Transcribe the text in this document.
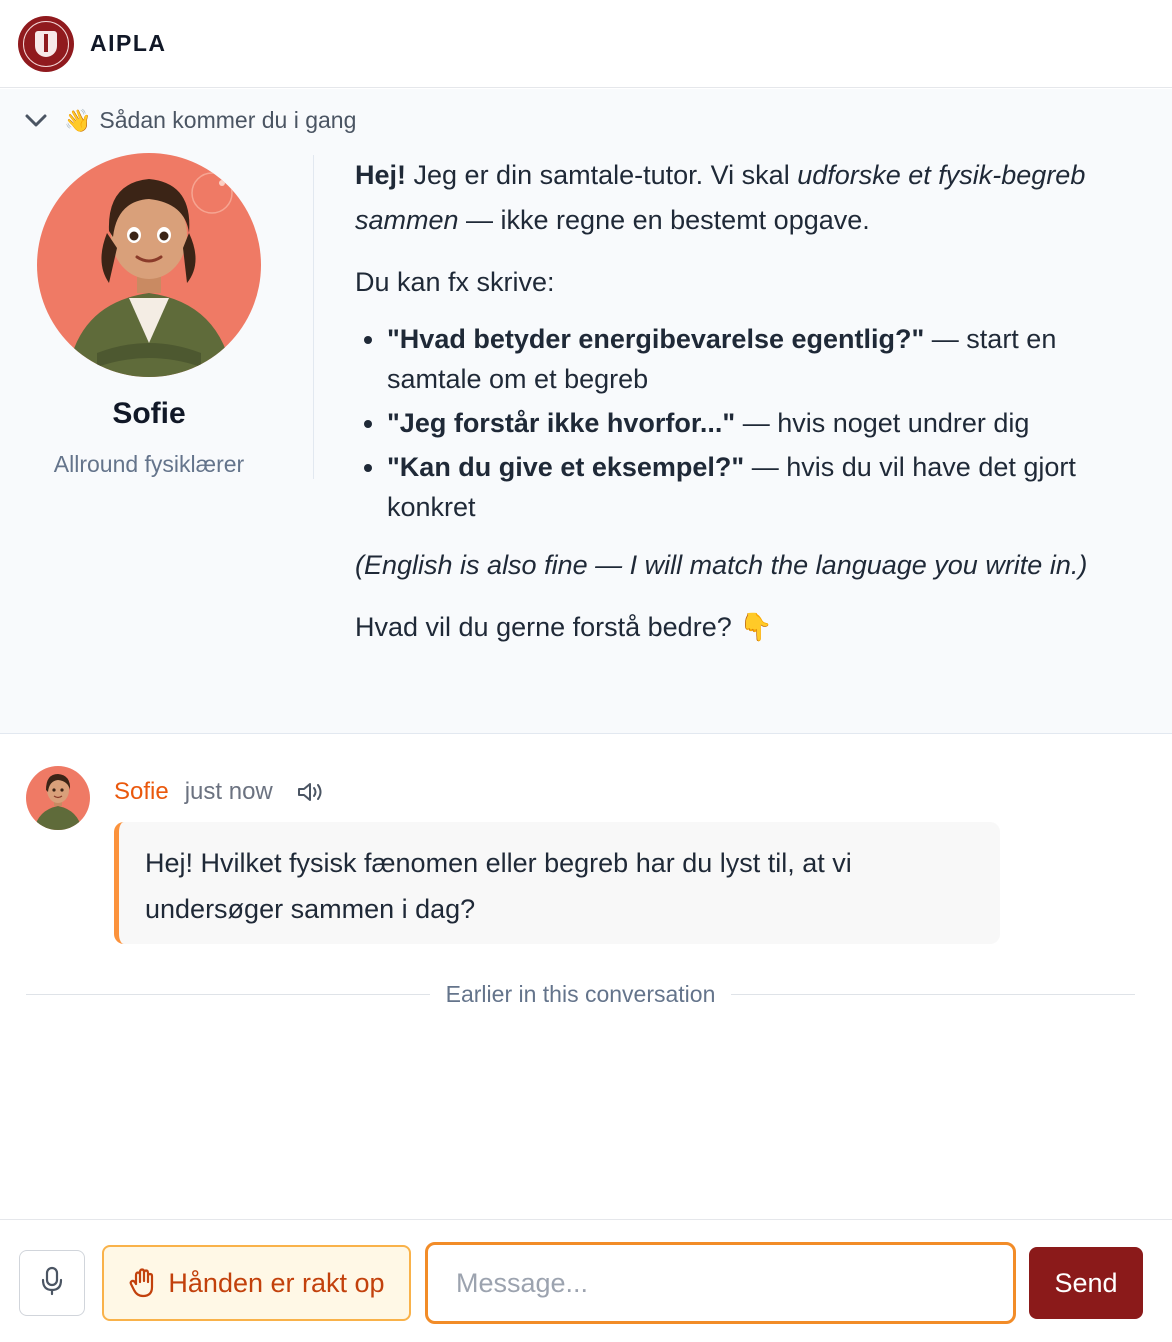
AIPLA
👋 Sådan kommer du i gang
Sofie
Allround fysiklærer

Hej! Jeg er din samtale-tutor. Vi skal udforske et fysik-begreb sammen — ikke regne en bestemt opgave.

Du kan fx skrive:

• "Hvad betyder energibevarelse egentlig?" — start en samtale om et begreb
• "Jeg forstår ikke hvorfor..." — hvis noget undrer dig
• "Kan du give et eksempel?" — hvis du vil have det gjort konkret

(English is also fine — I will match the language you write in.)

Hvad vil du gerne forstå bedre? 👇

Sofie just now
Hej! Hvilket fysisk fænomen eller begreb har du lyst til, at vi undersøger sammen i dag?
Earlier in this conversation
Hånden er rakt op
Message...	Send
